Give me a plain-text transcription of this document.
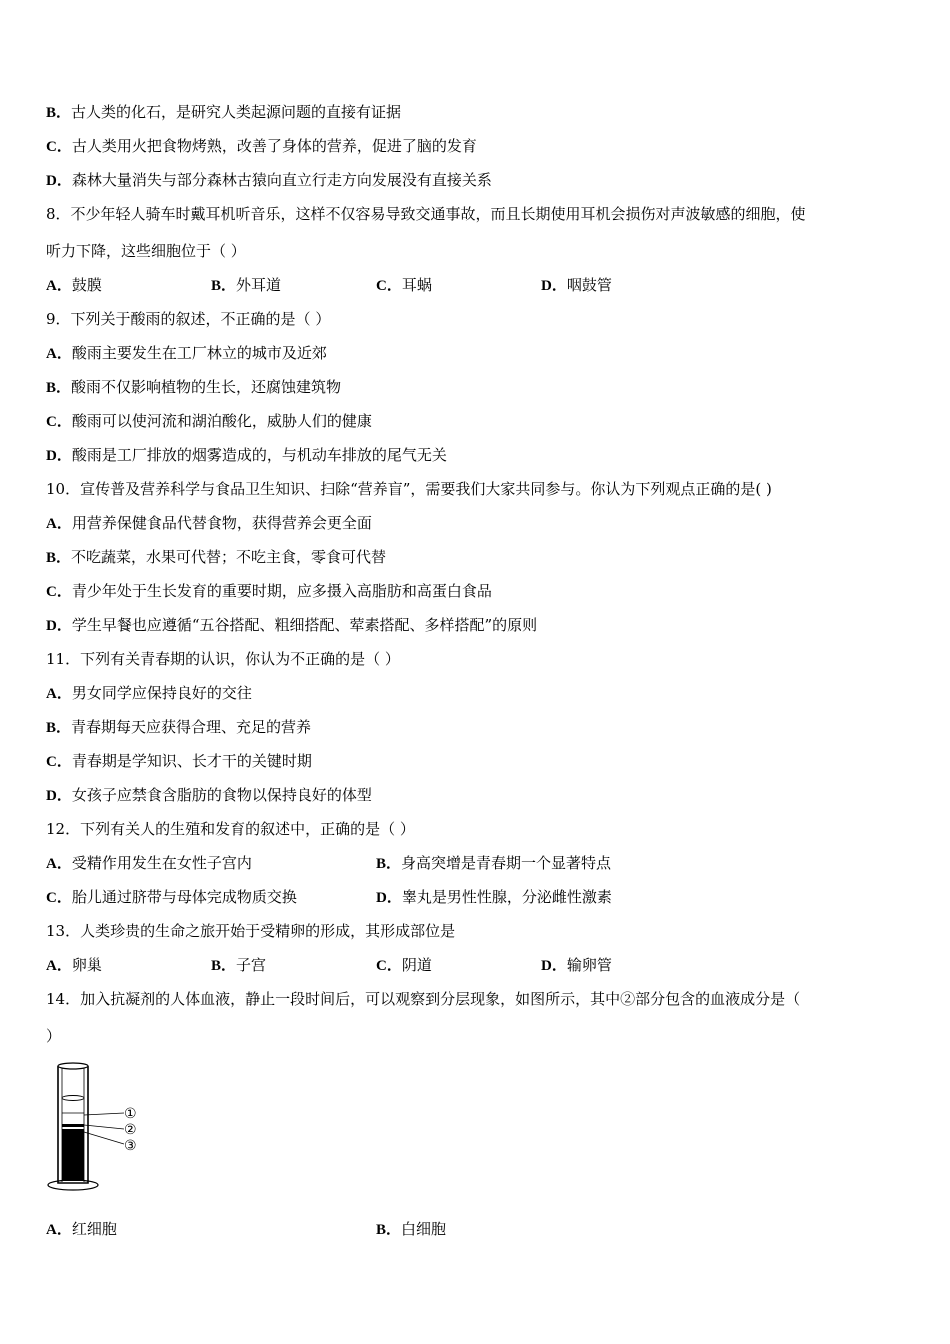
B．古人类的化石，是研究人类起源问题的直接有证据
C．古人类用火把食物烤熟，改善了身体的营养，促进了脑的发育
D．森林大量消失与部分森林古猿向直立行走方向发展没有直接关系
8．不少年轻人骑车时戴耳机听音乐，这样不仅容易导致交通事故，而且长期使用耳机会损伤对声波敏感的细胞，使
听力下降，这些细胞位于（ ）
A．鼓膜	B．外耳道	C．耳蜗	D．咽鼓管
9．下列关于酸雨的叙述，不正确的是（ ）
A．酸雨主要发生在工厂林立的城市及近郊
B．酸雨不仅影响植物的生长，还腐蚀建筑物
C．酸雨可以使河流和湖泊酸化，威胁人们的健康
D．酸雨是工厂排放的烟雾造成的，与机动车排放的尾气无关
10．宣传普及营养科学与食品卫生知识、扫除“营养盲”，需要我们大家共同参与。你认为下列观点正确的是( )
A．用营养保健食品代替食物，获得营养会更全面
B．不吃蔬菜，水果可代替；不吃主食，零食可代替
C．青少年处于生长发育的重要时期，应多摄入高脂肪和高蛋白食品
D．学生早餐也应遵循“五谷搭配、粗细搭配、荤素搭配、多样搭配”的原则
11．下列有关青春期的认识，你认为不正确的是（ ）
A．男女同学应保持良好的交往
B．青春期每天应获得合理、充足的营养
C．青春期是学知识、长才干的关键时期
D．女孩子应禁食含脂肪的食物以保持良好的体型
12．下列有关人的生殖和发育的叙述中，正确的是（ ）
A．受精作用发生在女性子宫内	B．身高突增是青春期一个显著特点
C．胎儿通过脐带与母体完成物质交换	D．睾丸是男性性腺，分泌雌性激素
13．人类珍贵的生命之旅开始于受精卵的形成，其形成部位是
A．卵巢	B．子宫	C．阴道	D．输卵管
14．加入抗凝剂的人体血液，静止一段时间后，可以观察到分层现象，如图所示，其中②部分包含的血液成分是（
）
①
②
③
A．红细胞	B．白细胞
